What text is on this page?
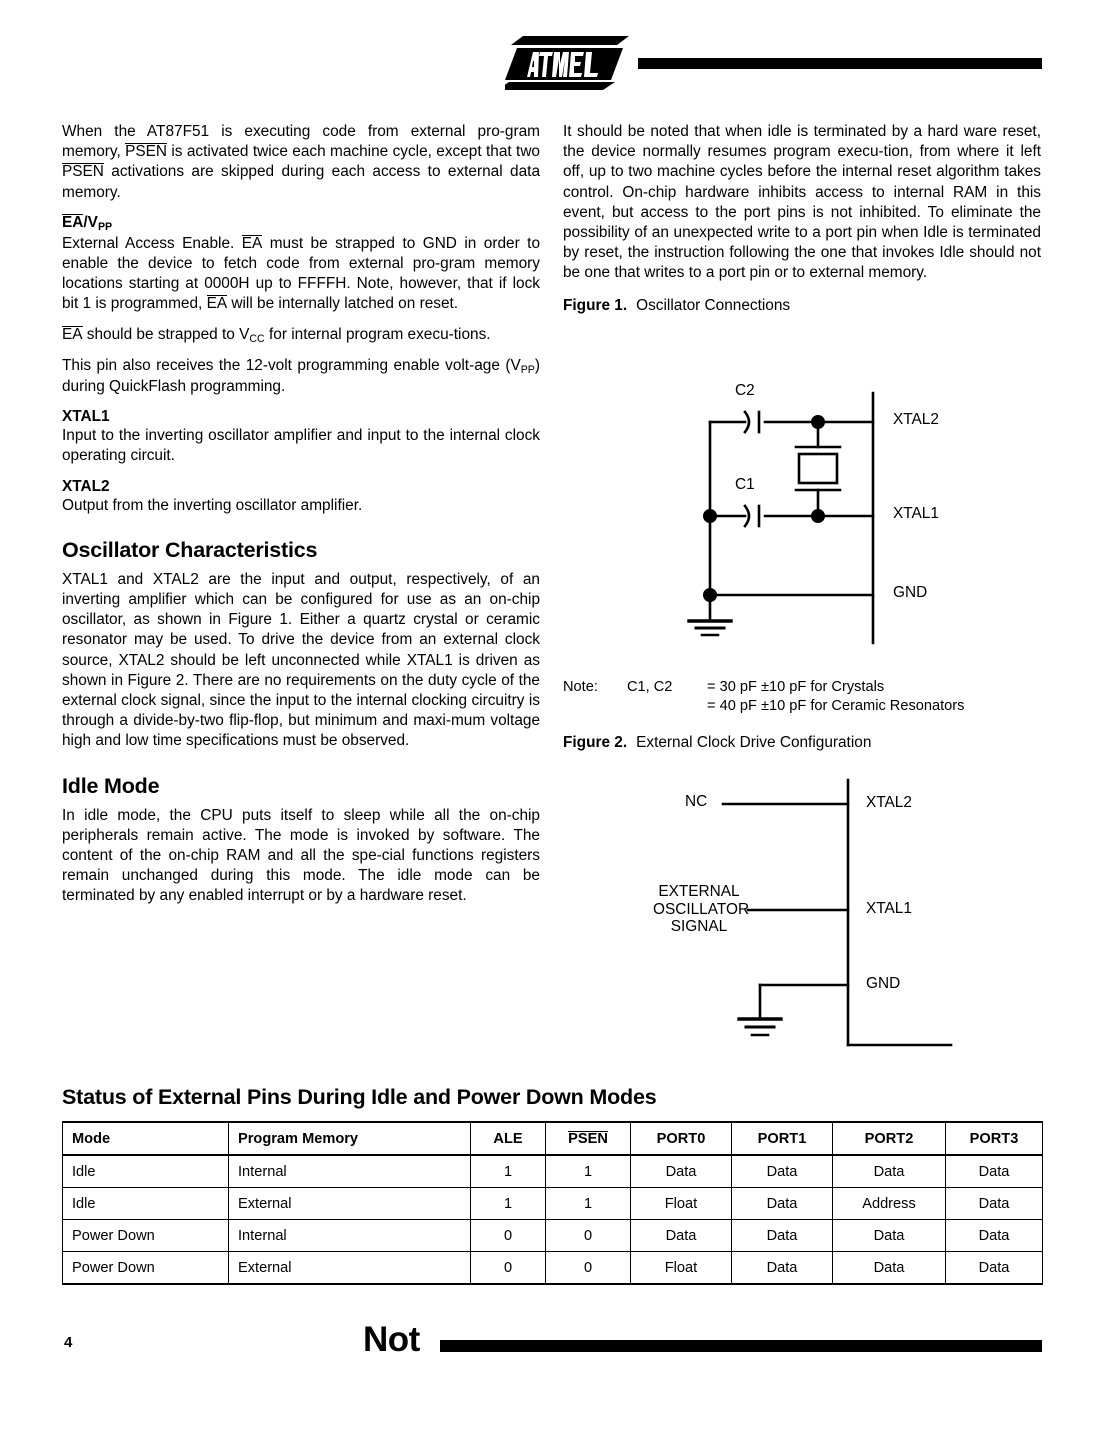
When the AT87F51 is executing code from external pro-gram memory, PSEN is activated twice each machine cycle, except that two PSEN activations are skipped during each access to external data memory.

$EA/V_{PP}$

External Access Enable. EA must be strapped to GND in order to enable the device to fetch code from external pro-gram memory locations starting at 0000H up to FFFFH. Note, however, that if lock bit 1 is programmed, EA will be internally latched on reset.

EA should be strapped to $V_{CC}$ for internal program execu-tions.

This pin also receives the 12-volt programming enable volt-age $(V_{PP})$ during QuickFlash programming.

XTAL1

Input to the inverting oscillator amplifier and input to the internal clock operating circuit.

XTAL2

Output from the inverting oscillator amplifier.

Oscillator Characteristics

XTAL1 and XTAL2 are the input and output, respectively, of an inverting amplifier which can be configured for use as an on-chip oscillator, as shown in Figure 1. Either a quartz crystal or ceramic resonator may be used. To drive the device from an external clock source, XTAL2 should be left unconnected while XTAL1 is driven as shown in Figure 2. There are no requirements on the duty cycle of the external clock signal, since the input to the internal clocking circuitry is through a divide-by-two flip-flop, but minimum and maxi-mum voltage high and low time specifications must be observed.

Idle Mode

In idle mode, the CPU puts itself to sleep while all the on-chip peripherals remain active. The mode is invoked by software. The content of the on-chip RAM and all the spe-cial functions registers remain unchanged during this mode. The idle mode can be terminated by any enabled interrupt or by a hardware reset.

It should be noted that when idle is terminated by a hard ware reset, the device normally resumes program execu-tion, from where it left off, up to two machine cycles before the internal reset algorithm takes control. On-chip hardware inhibits access to internal RAM in this event, but access to the port pins is not inhibited. To eliminate the possibility of an unexpected write to a port pin when Idle is terminated by reset, the instruction following the one that invokes Idle should not be one that writes to a port pin or to external memory.

Figure 1. Oscillator Connections
C2
C1
XTAL2
XTAL1
GND
Note:	C1, C2	= 30 pF ±10 pF for Crystals
= 40 pF ±10 pF for Ceramic Resonators
Figure 2. External Clock Drive Configuration
NC
EXTERNAL
OSCILLATOR
SIGNAL
XTAL2
XTAL1
GND
Status of External Pins During Idle and Power Down Modes
Mode	Program Memory	ALE	PSEN	PORT0	PORT1	PORT2	PORT3
Idle	Internal	1	1	Data	Data	Data	Data
Idle	External	1	1	Float	Data	Address	Data
Power Down	Internal	0	0	Data	Data	Data	Data
Power Down	External	0	0	Float	Data	Data	Data
4	Not
